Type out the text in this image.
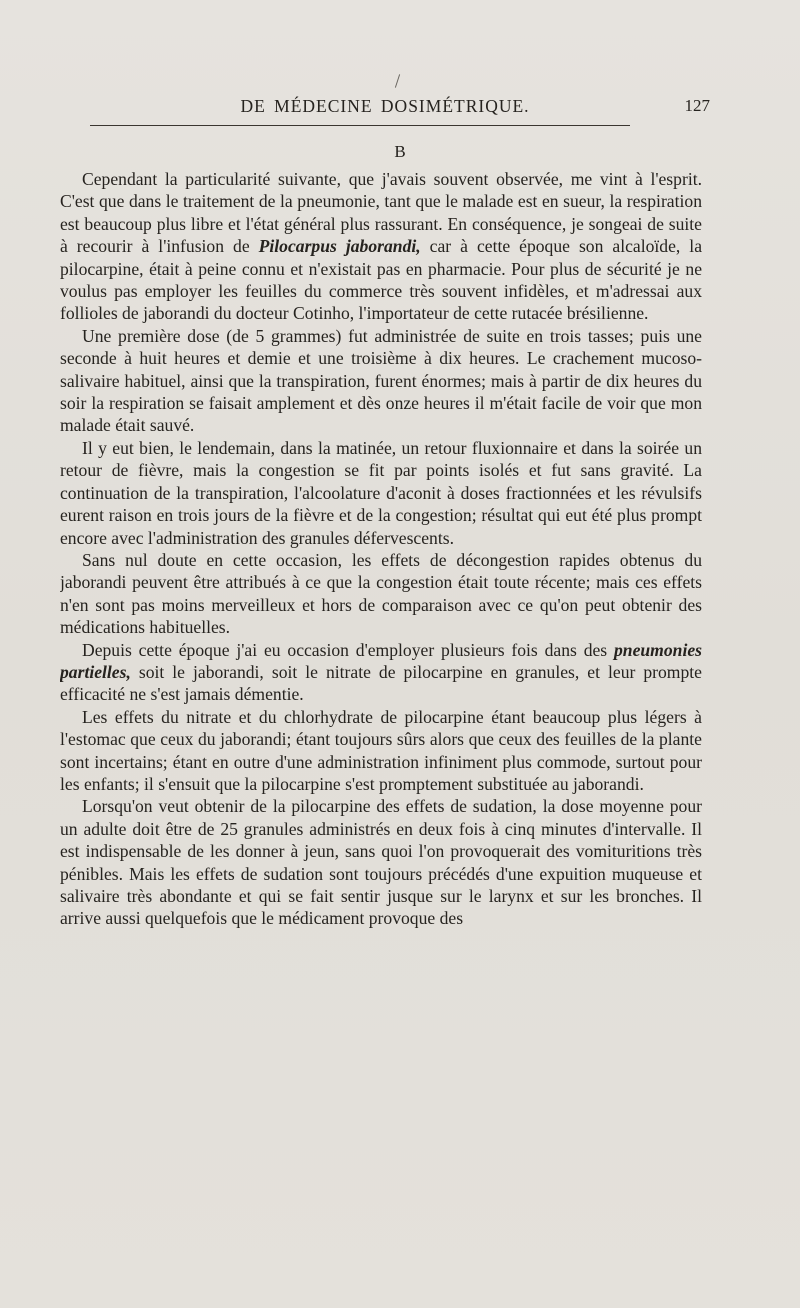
DE MÉDECINE DOSIMÉTRIQUE.	127
B

Cependant la particularité suivante, que j'avais souvent observée, me vint à l'esprit. C'est que dans le traitement de la pneumonie, tant que le malade est en sueur, la respiration est beaucoup plus libre et l'état général plus rassurant. En conséquence, je songeai de suite à recourir à l'infusion de Pilocarpus jaborandi, car à cette époque son alcaloïde, la pilocarpine, était à peine connu et n'existait pas en pharmacie. Pour plus de sécurité je ne voulus pas employer les feuilles du commerce très souvent infidèles, et m'adressai aux follioles de jaborandi du docteur Cotinho, l'importateur de cette rutacée brésilienne.

Une première dose (de 5 grammes) fut administrée de suite en trois tasses; puis une seconde à huit heures et demie et une troisième à dix heures. Le crachement mucoso-salivaire habituel, ainsi que la transpiration, furent énormes; mais à partir de dix heures du soir la respiration se faisait amplement et dès onze heures il m'était facile de voir que mon malade était sauvé.

Il y eut bien, le lendemain, dans la matinée, un retour fluxionnaire et dans la soirée un retour de fièvre, mais la congestion se fit par points isolés et fut sans gravité. La continuation de la transpiration, l'alcoolature d'aconit à doses fractionnées et les révulsifs eurent raison en trois jours de la fièvre et de la congestion; résultat qui eut été plus prompt encore avec l'administration des granules défervescents.

Sans nul doute en cette occasion, les effets de décongestion rapides obtenus du jaborandi peuvent être attribués à ce que la congestion était toute récente; mais ces effets n'en sont pas moins merveilleux et hors de comparaison avec ce qu'on peut obtenir des médications habituelles.

Depuis cette époque j'ai eu occasion d'employer plusieurs fois dans des pneumonies partielles, soit le jaborandi, soit le nitrate de pilocarpine en granules, et leur prompte efficacité ne s'est jamais démentie.

Les effets du nitrate et du chlorhydrate de pilocarpine étant beaucoup plus légers à l'estomac que ceux du jaborandi; étant toujours sûrs alors que ceux des feuilles de la plante sont incertains; étant en outre d'une administration infiniment plus commode, surtout pour les enfants; il s'ensuit que la pilocarpine s'est promptement substituée au jaborandi.

Lorsqu'on veut obtenir de la pilocarpine des effets de sudation, la dose moyenne pour un adulte doit être de 25 granules administrés en deux fois à cinq minutes d'intervalle. Il est indispensable de les donner à jeun, sans quoi l'on provoquerait des vomituritions très pénibles. Mais les effets de sudation sont toujours précédés d'une expuition muqueuse et salivaire très abondante et qui se fait sentir jusque sur le larynx et sur les bronches. Il arrive aussi quelquefois que le médicament provoque des
